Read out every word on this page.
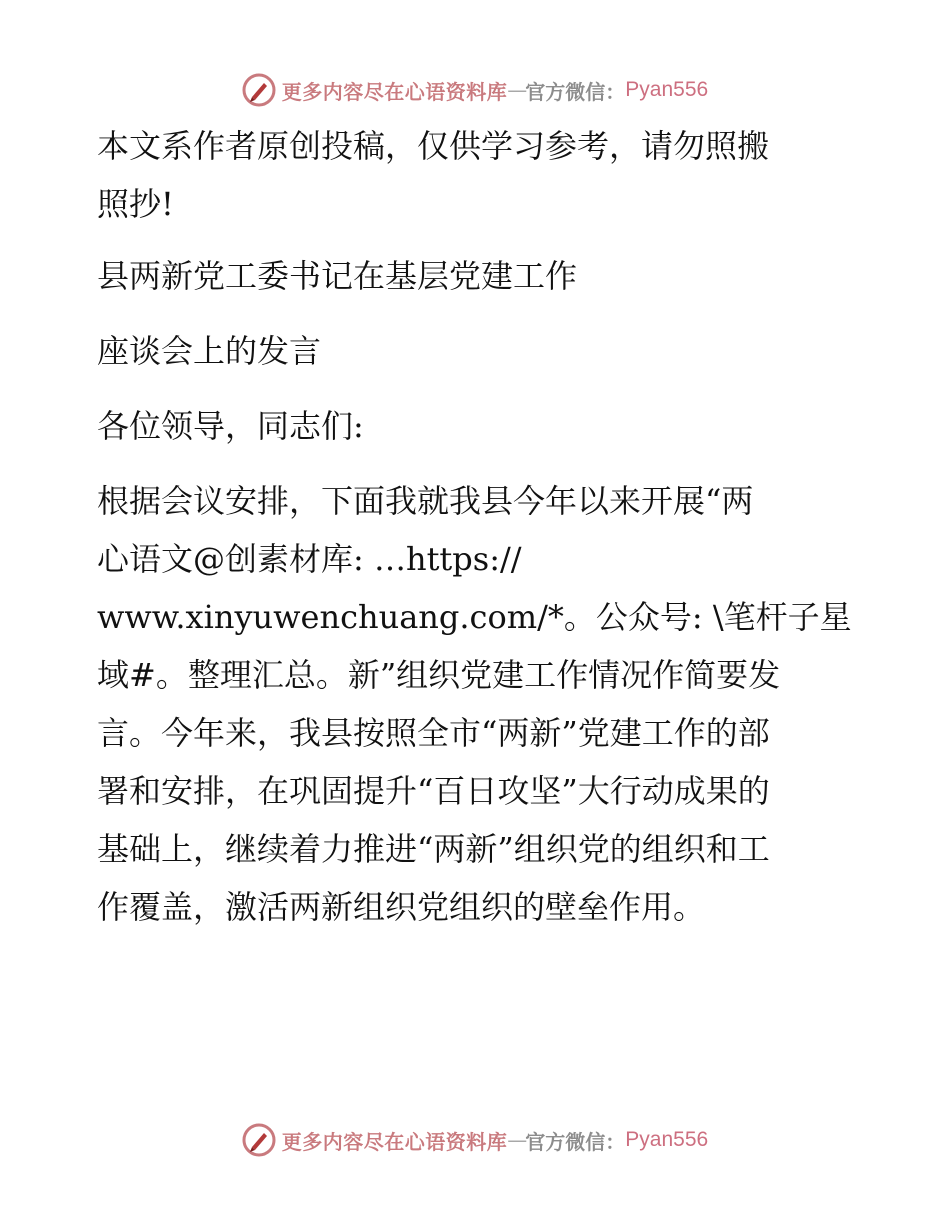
更多内容尽在心语资料库 — 官方微信： Pyan556
本文系作者原创投稿，仅供学习参考，请勿照搬
照抄!
县两新党工委书记在基层党建工作
座谈会上的发言
各位领导，同志们:
根据会议安排，下面我就我县今年以来开展“两
心语文@创素材库: …https://
www.xinyuwenchuang.com/*。公众号: \笔杆子星
域#。整理汇总。新”组织党建工作情况作简要发
言。今年来，我县按照全市“两新”党建工作的部
署和安排，在巩固提升“百日攻坚”大行动成果的
基础上，继续着力推进“两新”组织党的组织和工
作覆盖，激活两新组织党组织的壁垒作用。
更多内容尽在心语资料库 — 官方微信： Pyan556
